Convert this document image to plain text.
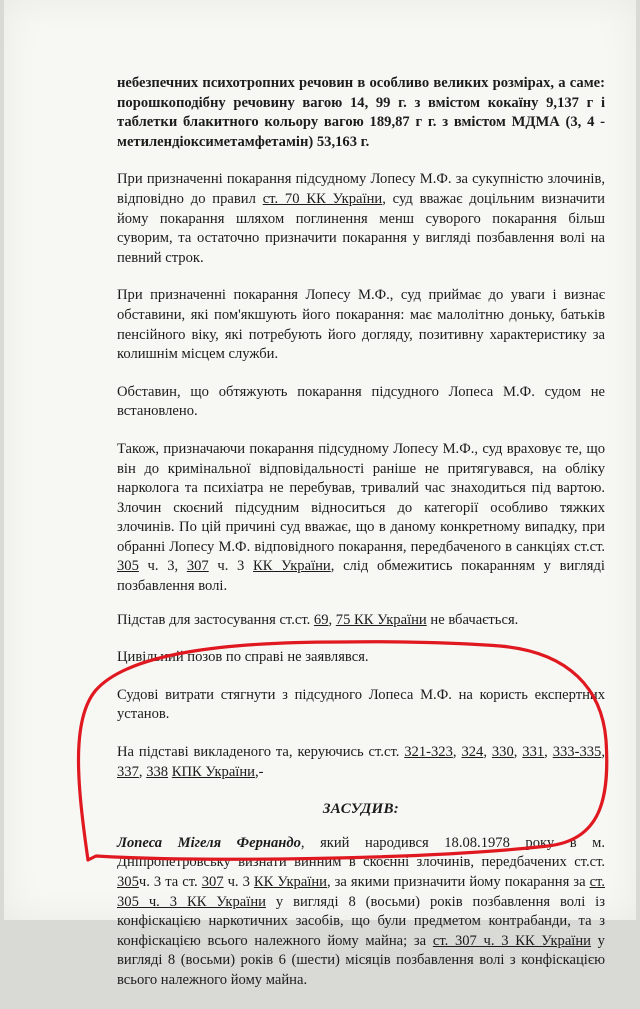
небезпечних психотропних речовин в особливо великих розмірах, а саме: порошкоподібну речовину вагою 14, 99 г. з вмістом кокаїну 9,137 г і таблетки блакитного кольору вагою 189,87 г г. з вмістом МДМА (3, 4 - метилендіоксиметамфетамін) 53,163 г.

При призначенні покарання підсудному Лопесу М.Ф. за сукупністю злочинів, відповідно до правил ст. 70 КК України, суд вважає доцільним визначити йому покарання шляхом поглинення менш суворого покарання більш суворим, та остаточно призначити покарання у вигляді позбавлення волі на певний строк.

При призначенні покарання Лопесу М.Ф., суд приймає до уваги і визнає обставини, які пом'якшують його покарання: має малолітню доньку, батьків пенсійного віку, які потребують його догляду, позитивну характеристику за колишнім місцем служби.

Обставин, що обтяжують покарання підсудного Лопеса М.Ф. судом не встановлено.

Також, призначаючи покарання підсудному Лопесу М.Ф., суд враховує те, що він до кримінальної відповідальності раніше не притягувався, на обліку нарколога та психіатра не перебував, тривалий час знаходиться під вартою. Злочин скоєний підсудним відноситься до категорії особливо тяжких злочинів. По цій причині суд вважає, що в даному конкретному випадку, при обранні Лопесу М.Ф. відповідного покарання, передбаченого в санкціях ст.ст. 305 ч. 3, 307 ч. 3 КК України, слід обмежитись покаранням у вигляді позбавлення волі.

Підстав для застосування ст.ст. 69, 75 КК України не вбачається.

Цивільний позов по справі не заявлявся.

Судові витрати стягнути з підсудного Лопеса М.Ф. на користь експертних установ.

На підставі викладеного та, керуючись ст.ст. 321-323, 324, 330, 331, 333-335, 337, 338 КПК України,-

ЗАСУДИВ:

Лопеса Мігеля Фернандо, який народився 18.08.1978 року в м. Дніпропетровську визнати винним в скоєнні злочинів, передбачених ст.ст. 305ч. 3 та ст. 307 ч. 3 КК України, за якими призначити йому покарання за ст. 305 ч. 3 КК України у вигляді 8 (восьми) років позбавлення волі із конфіскацією наркотичних засобів, що були предметом контрабанди, та з конфіскацією всього належного йому майна; за ст. 307 ч. 3 КК України у вигляді 8 (восьми) років 6 (шести) місяців позбавлення волі з конфіскацією всього належного йому майна.
